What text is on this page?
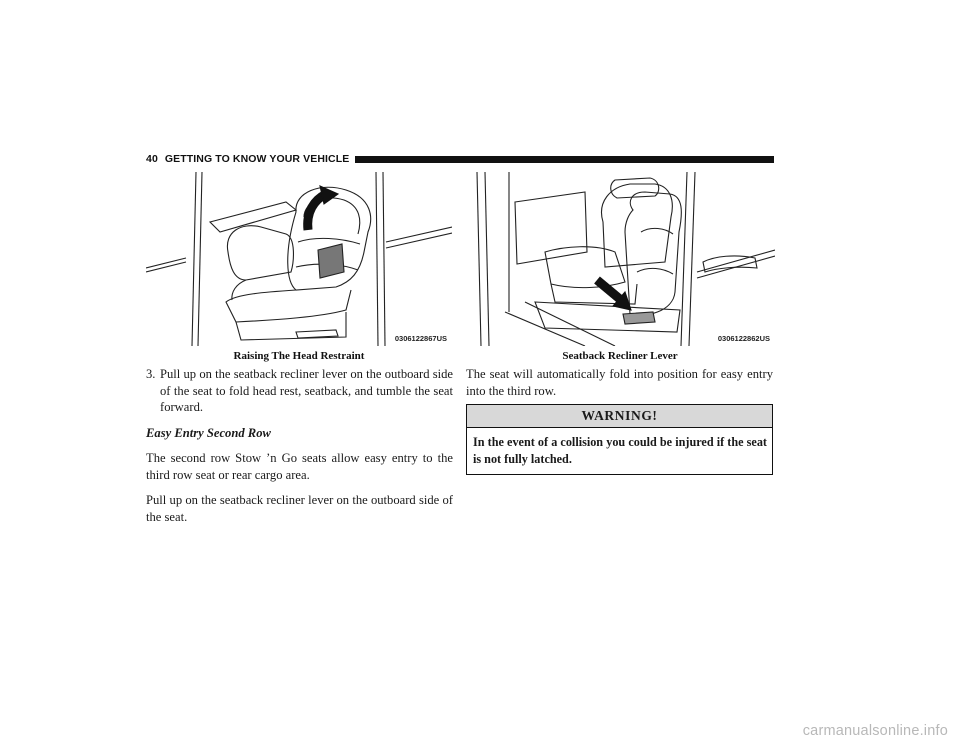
40 GETTING TO KNOW YOUR VEHICLE
0306122867US	0306122862US
Raising The Head Restraint	Seatback Recliner Lever
3. Pull up on the seatback recliner lever on the outboard side of the seat to fold head rest, seatback, and tumble the seat forward.

Easy Entry Second Row

The second row Stow ’n Go seats allow easy entry to the third row seat or rear cargo area.

Pull up on the seatback recliner lever on the outboard side of the seat.

The seat will automatically fold into position for easy entry into the third row.

WARNING!
In the event of a collision you could be injured if the seat is not fully latched.
carmanualsonline.info
